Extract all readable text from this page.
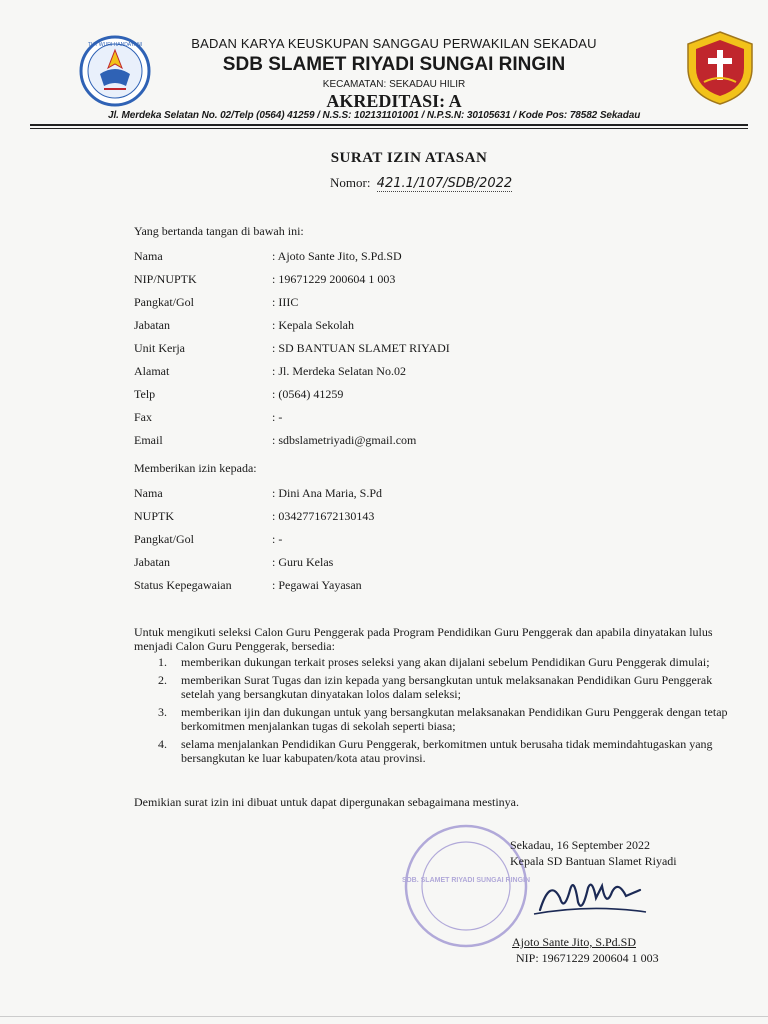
TUT WURI HANDAYANI	BADAN KARYA KEUSKUPAN SANGGAU PERWAKILAN SEKADAU
SDB SLAMET RIYADI SUNGAI RINGIN
KECAMATAN: SEKADAU HILIR
AKREDITASI: A
Jl. Merdeka Selatan No. 02/Telp (0564) 41259 / N.S.S: 102131101001 / N.P.S.N: 30105631 / Kode Pos: 78582 Sekadau
SURAT IZIN ATASAN
Nomor: 421.1/107/SDB/2022
Yang bertanda tangan di bawah ini:
Nama	: Ajoto Sante Jito, S.Pd.SD
NIP/NUPTK	: 19671229 200604 1 003
Pangkat/Gol	: IIIC
Jabatan	: Kepala Sekolah
Unit Kerja	: SD BANTUAN SLAMET RIYADI
Alamat	: Jl. Merdeka Selatan No.02
Telp	: (0564) 41259
Fax	: -
Email	: sdbslametriyadi@gmail.com
Memberikan izin kepada:
Nama	: Dini Ana Maria, S.Pd
NUPTK	: 0342771672130143
Pangkat/Gol	: -
Jabatan	: Guru Kelas
Status Kepegawaian	: Pegawai Yayasan
Untuk mengikuti seleksi Calon Guru Penggerak pada Program Pendidikan Guru Penggerak dan apabila dinyatakan lulus menjadi Calon Guru Penggerak, bersedia:
1. memberikan dukungan terkait proses seleksi yang akan dijalani sebelum Pendidikan Guru Penggerak dimulai;
2. memberikan Surat Tugas dan izin kepada yang bersangkutan untuk melaksanakan Pendidikan Guru Penggerak setelah yang bersangkutan dinyatakan lolos dalam seleksi;
3. memberikan ijin dan dukungan untuk yang bersangkutan melaksanakan Pendidikan Guru Penggerak dengan tetap berkomitmen menjalankan tugas di sekolah seperti biasa;
4. selama menjalankan Pendidikan Guru Penggerak, berkomitmen untuk berusaha tidak memindahtugaskan yang bersangkutan ke luar kabupaten/kota atau provinsi.
Demikian surat izin ini dibuat untuk dapat dipergunakan sebagaimana mestinya.
SDB. SLAMET RIYADI SUNGAI RINGIN
Sekadau, 16 September 2022
Kepala SD Bantuan Slamet Riyadi
Ajoto Sante Jito, S.Pd.SD
NIP: 19671229 200604 1 003
